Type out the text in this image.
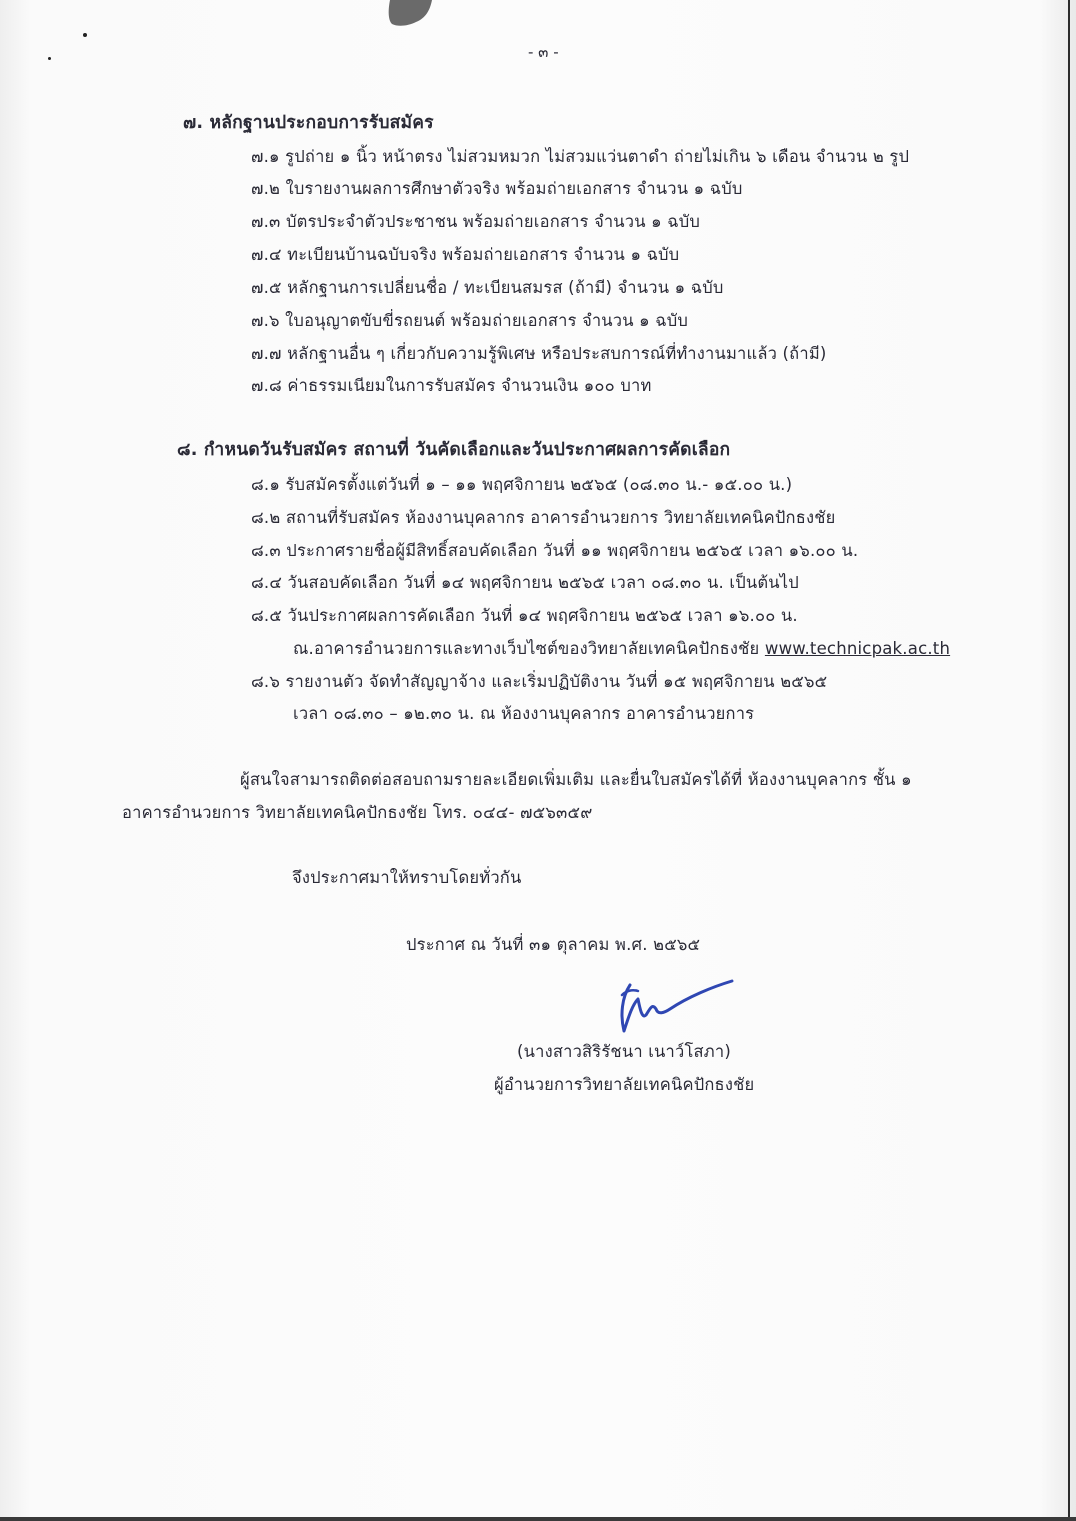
- ๓ -
๗. หลักฐานประกอบการรับสมัคร
๗.๑ รูปถ่าย ๑ นิ้ว หน้าตรง ไม่สวมหมวก ไม่สวมแว่นตาดำ ถ่ายไม่เกิน ๖ เดือน จำนวน ๒ รูป
๗.๒ ใบรายงานผลการศึกษาตัวจริง พร้อมถ่ายเอกสาร จำนวน ๑ ฉบับ
๗.๓ บัตรประจำตัวประชาชน พร้อมถ่ายเอกสาร จำนวน ๑ ฉบับ
๗.๔ ทะเบียนบ้านฉบับจริง พร้อมถ่ายเอกสาร จำนวน ๑ ฉบับ
๗.๕ หลักฐานการเปลี่ยนชื่อ / ทะเบียนสมรส (ถ้ามี) จำนวน ๑ ฉบับ
๗.๖ ใบอนุญาตขับขี่รถยนต์ พร้อมถ่ายเอกสาร จำนวน ๑ ฉบับ
๗.๗ หลักฐานอื่น ๆ เกี่ยวกับความรู้พิเศษ หรือประสบการณ์ที่ทำงานมาแล้ว (ถ้ามี)
๗.๘ ค่าธรรมเนียมในการรับสมัคร จำนวนเงิน ๑๐๐ บาท
๘. กำหนดวันรับสมัคร สถานที่ วันคัดเลือกและวันประกาศผลการคัดเลือก
๘.๑ รับสมัครตั้งแต่วันที่ ๑ – ๑๑ พฤศจิกายน ๒๕๖๕ (๐๘.๓๐ น.- ๑๕.๐๐ น.)
๘.๒ สถานที่รับสมัคร ห้องงานบุคลากร อาคารอำนวยการ วิทยาลัยเทคนิคปักธงชัย
๘.๓ ประกาศรายชื่อผู้มีสิทธิ์สอบคัดเลือก วันที่ ๑๑ พฤศจิกายน ๒๕๖๕ เวลา ๑๖.๐๐ น.
๘.๔ วันสอบคัดเลือก วันที่ ๑๔ พฤศจิกายน ๒๕๖๕ เวลา ๐๘.๓๐ น. เป็นต้นไป
๘.๕ วันประกาศผลการคัดเลือก วันที่ ๑๔ พฤศจิกายน ๒๕๖๕ เวลา ๑๖.๐๐ น.
ณ.อาคารอำนวยการและทางเว็บไซต์ของวิทยาลัยเทคนิคปักธงชัย www.technicpak.ac.th
๘.๖ รายงานตัว จัดทำสัญญาจ้าง และเริ่มปฏิบัติงาน วันที่ ๑๕ พฤศจิกายน ๒๕๖๕
เวลา ๐๘.๓๐ – ๑๒.๓๐ น. ณ ห้องงานบุคลากร อาคารอำนวยการ
ผู้สนใจสามารถติดต่อสอบถามรายละเอียดเพิ่มเติม และยื่นใบสมัครได้ที่ ห้องงานบุคลากร ชั้น ๑
อาคารอำนวยการ วิทยาลัยเทคนิคปักธงชัย โทร. ๐๔๔- ๗๕๖๓๕๙
จึงประกาศมาให้ทราบโดยทั่วกัน
ประกาศ ณ วันที่ ๓๑ ตุลาคม พ.ศ. ๒๕๖๕
(นางสาวสิริรัชนา เนาว์โสภา)
ผู้อำนวยการวิทยาลัยเทคนิคปักธงชัย
